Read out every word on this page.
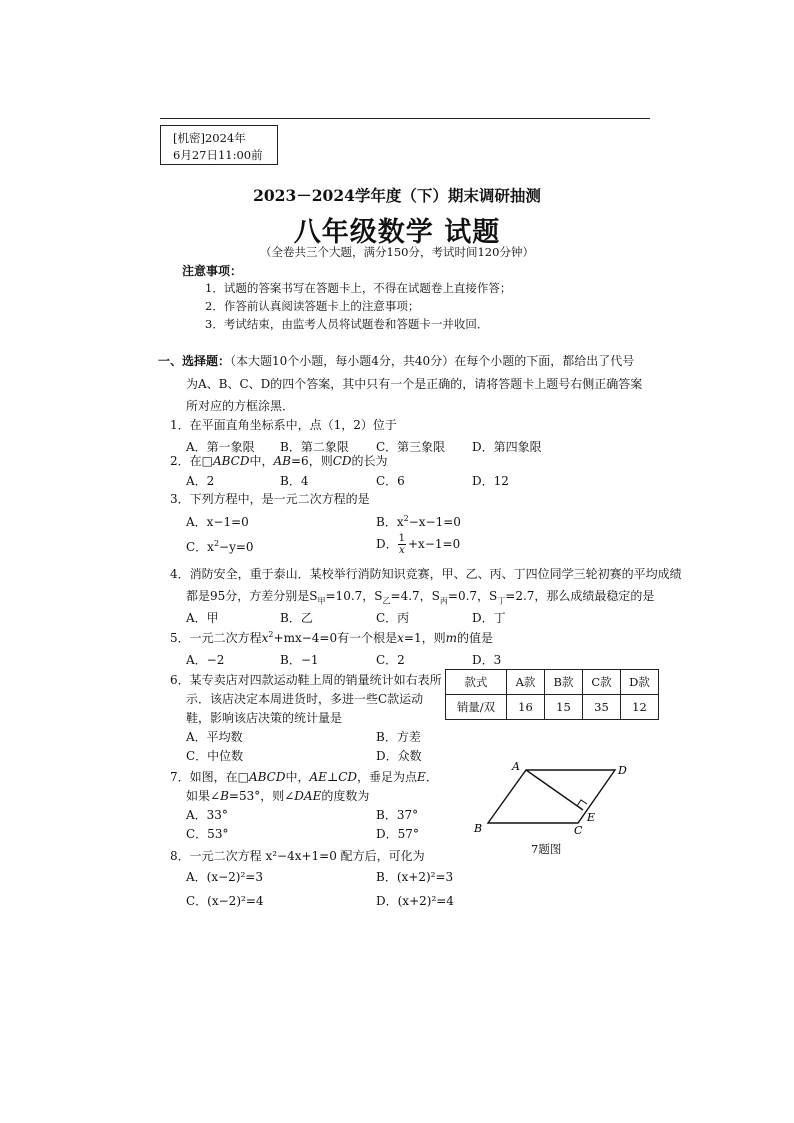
[机密]2024年
6月27日11:00前
2023－2024学年度（下）期末调研抽测
八年级数学 试题
（全卷共三个大题，满分150分，考试时间120分钟）
注意事项：
1．试题的答案书写在答题卡上，不得在试题卷上直接作答；
2．作答前认真阅读答题卡上的注意事项；
3．考试结束，由监考人员将试题卷和答题卡一并收回．
一、选择题：（本大题10个小题，每小题4分，共40分）在每个小题的下面，都给出了代号
为A、B、C、D的四个答案，其中只有一个是正确的，请将答题卡上题号右侧正确答案
所对应的方框涂黑．
1．在平面直角坐标系中，点（1，2）位于
A．第一象限 B．第二象限 C．第三象限 D．第四象限
2．在□ABCD中，AB=6，则CD的长为
A．2	B．4	C．6	D．12
3．下列方程中，是一元二次方程的是
A．x−1=0	B．$x^2-x-1=0$
C．$x^2-y=0$	D． $\frac{1}{x} +x-1=0$
4．消防安全，重于泰山．某校举行消防知识竞赛，甲、乙、丙、丁四位同学三轮初赛的平均成绩
都是95分，方差分别是$S_甲=10.7$，$S_乙=4.7$，$S_丙=0.7$，$S_丁=2.7$，那么成绩最稳定的是
A．甲	B．乙	C．丙	D．丁
5．一元二次方程$x^2+mx-4=0$有一个根是x=1，则m的值是
A．−2	B．−1	C．2	D．3
6．某专卖店对四款运动鞋上周的销量统计如右表所
示．该店决定本周进货时，多进一些C款运动
鞋，影响该店决策的统计量是
A．平均数	B．方差
C．中位数	D．众数
款式	A款	B款	C款	D款
销量/双	16	15	35	12
7．如图，在□ABCD中，AE⊥CD，垂足为点E．
如果∠B=53°，则∠DAE的度数为
A．33°	B．37°
C．53°	D．57°
A	D
B	C
E
7题图
8．一元二次方程 x²−4x+1=0 配方后，可化为
A．(x−2)²=3	B．(x+2)²=3
C．(x−2)²=4	D．(x+2)²=4
